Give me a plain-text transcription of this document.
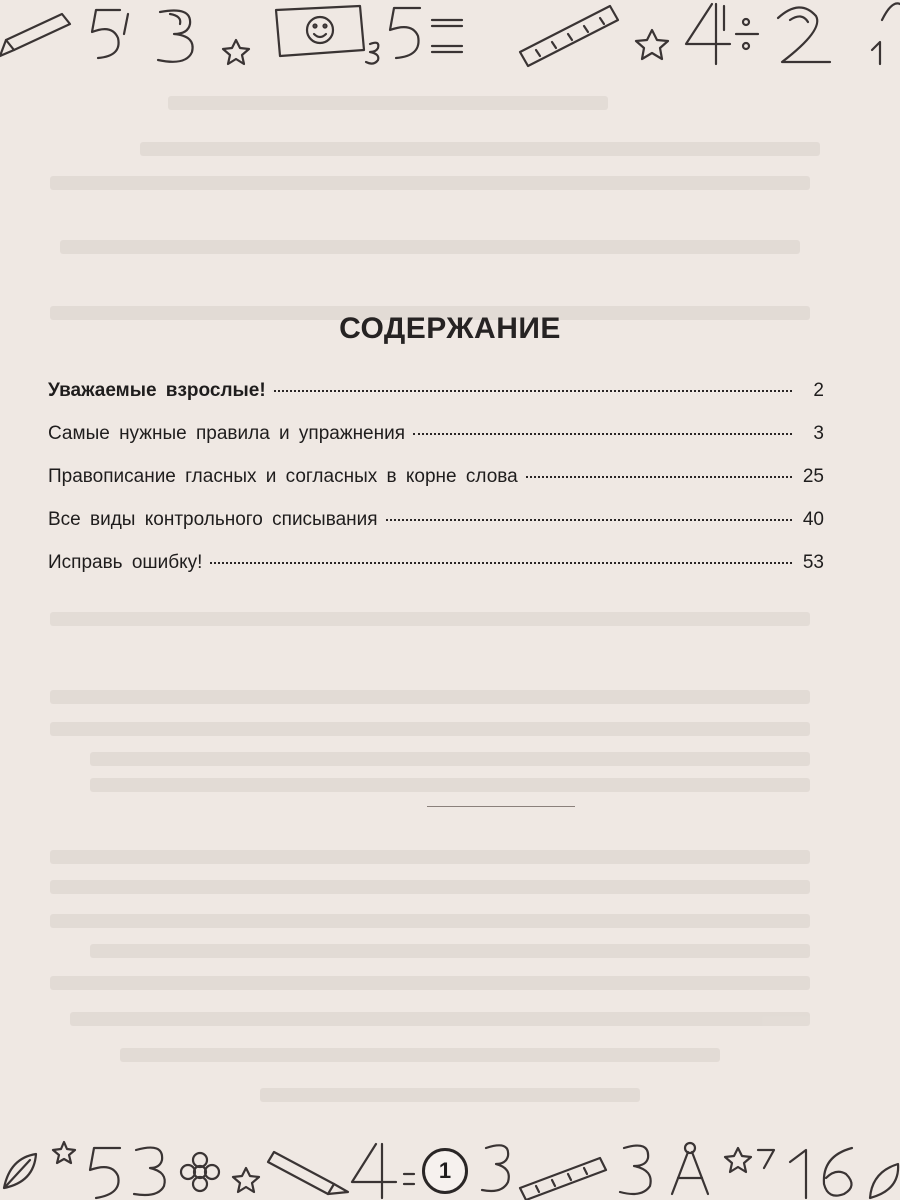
СОДЕРЖАНИЕ
Уважаемые взрослые!	2
Самые нужные правила и упражнения	3
Правописание гласных и согласных в корне слова	25
Все виды контрольного списывания	40
Исправь ошибку!	53
1
